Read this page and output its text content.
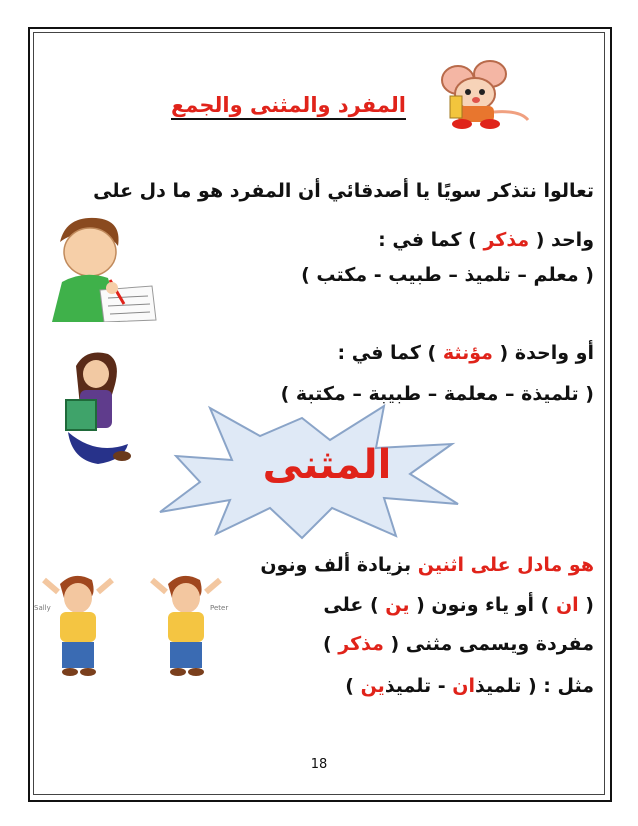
المفرد والمثنى والجمع
تعالوا نتذكر سويًا يا أصدقائي أن المفرد هو ما دل على
واحد ( مذكر ) كما في :
( معلم – تلميذ – طبيب - مكتب )
أو واحدة ( مؤنثة ) كما في :
( تلميذة – معلمة – طبيبة – مكتبة )
المثنى
Sally	Peter
هو مادل على اثنين بزيادة ألف ونون
( ان ) أو ياء ونون ( ين ) على
مفردة ويسمى مثنى ( مذكر )
مثل : ( تلميذان - تلميذين )
18
